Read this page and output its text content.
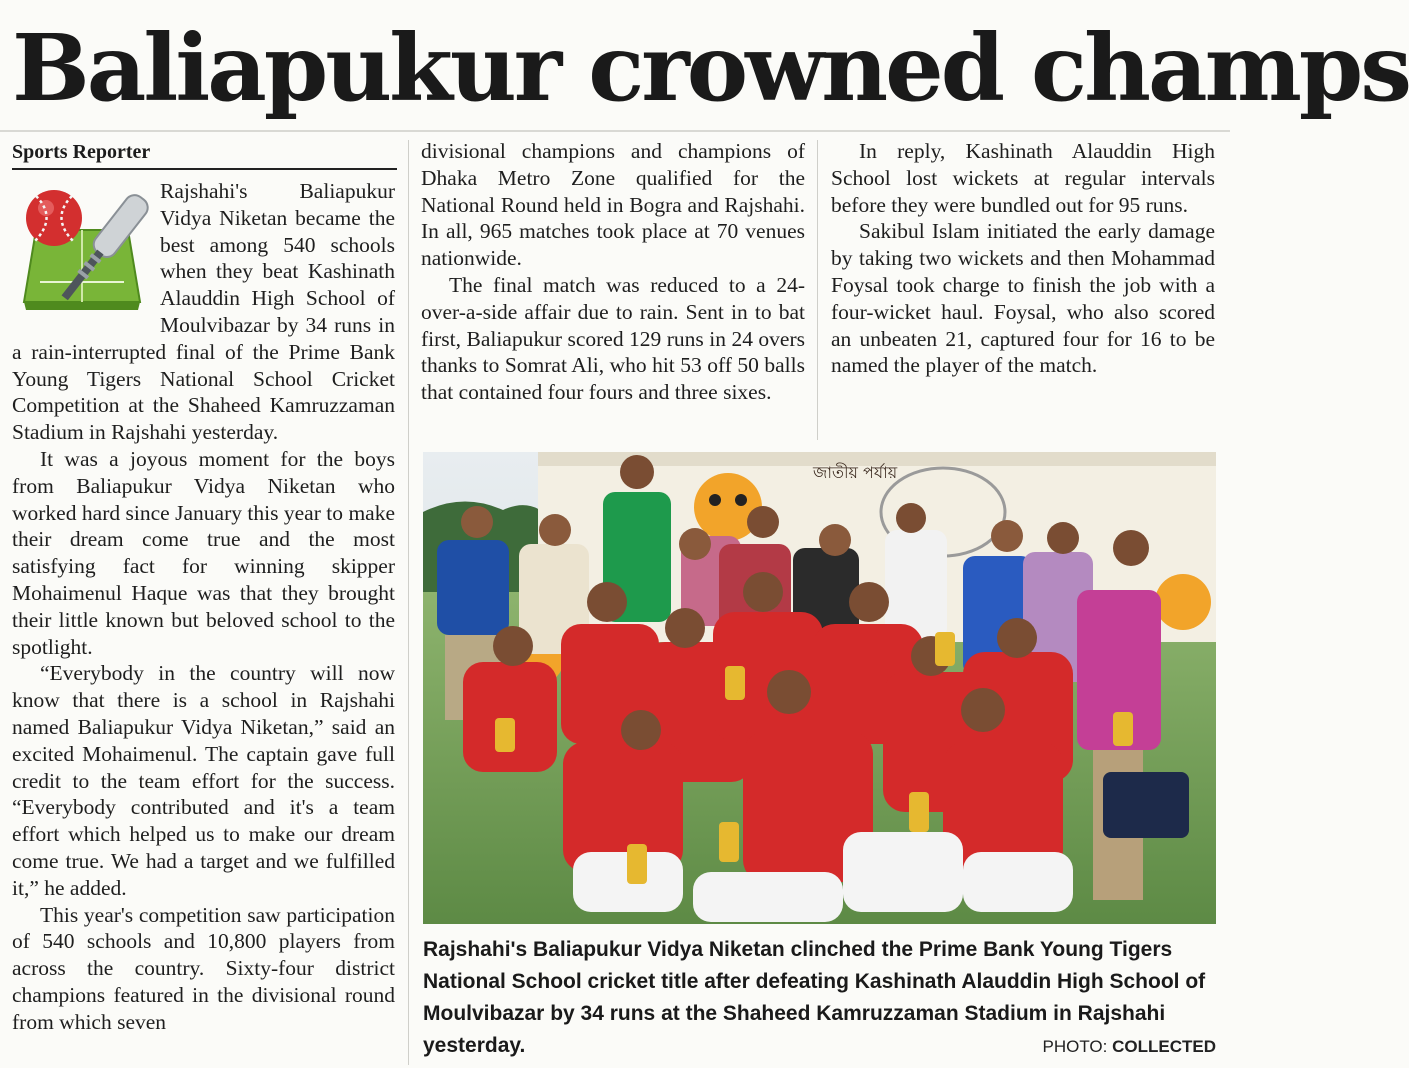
Baliapukur crowned champs
Sports Reporter

Rajshahi's Baliapukur Vidya Niketan became the best among 540 schools when they beat Kashinath Alauddin High School of Moulvibazar by 34 runs in a rain-interrupted final of the Prime Bank Young Tigers National School Cricket Competition at the Shaheed Kamruzzaman Stadium in Rajshahi yesterday.

It was a joyous moment for the boys from Baliapukur Vidya Niketan who worked hard since January this year to make their dream come true and the most satisfying fact for winning skipper Mohaimenul Haque was that they brought their little known but beloved school to the spotlight.

“Everybody in the country will now know that there is a school in Rajshahi named Baliapukur Vidya Niketan,” said an excited Mohaimenul. The captain gave full credit to the team effort for the success. “Everybody contributed and it's a team effort which helped us to make our dream come true. We had a target and we fulfilled it,” he added.

This year's competition saw participation of 540 schools and 10,800 players from across the country. Sixty-four district champions featured in the divisional round from which seven

divisional champions and champions of Dhaka Metro Zone qualified for the National Round held in Bogra and Rajshahi. In all, 965 matches took place at 70 venues nationwide.

The final match was reduced to a 24-over-a-side affair due to rain. Sent in to bat first, Baliapukur scored 129 runs in 24 overs thanks to Somrat Ali, who hit 53 off 50 balls that contained four fours and three sixes.

In reply, Kashinath Alauddin High School lost wickets at regular intervals before they were bundled out for 95 runs.

Sakibul Islam initiated the early damage by taking two wickets and then Mohammad Foysal took charge to finish the job with a four-wicket haul. Foysal, who also scored an unbeaten 21, captured four for 16 to be named the player of the match.

জাতীয় পর্যায়
Rajshahi's Baliapukur Vidya Niketan clinched the Prime Bank Young Tigers National School cricket title after defeating Kashinath Alauddin High School of Moulvibazar by 34 runs at the Shaheed Kamruzzaman Stadium in Rajshahi yesterday.	PHOTO: COLLECTED
